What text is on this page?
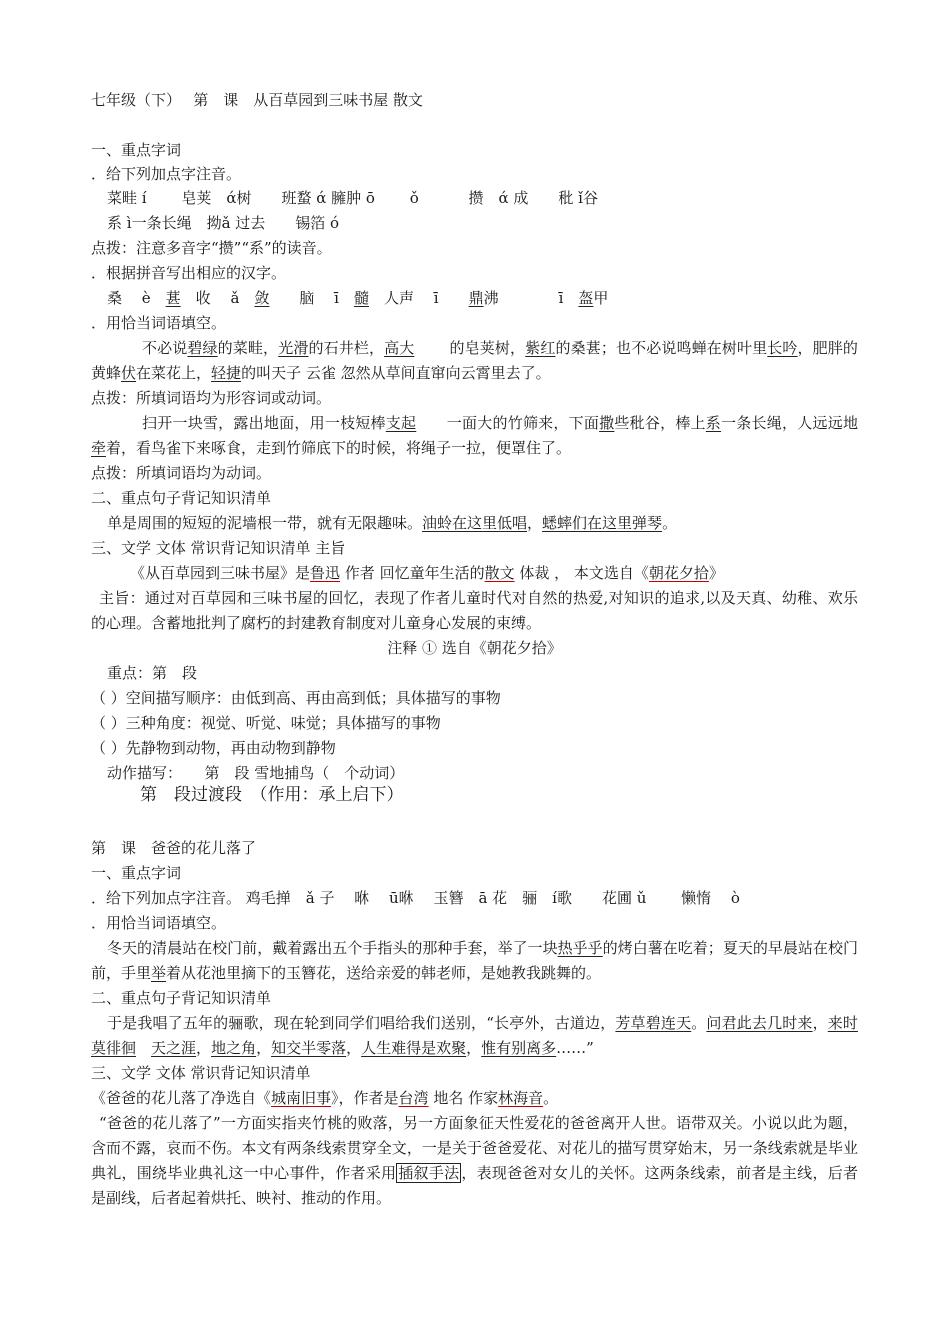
七年级（下）　 第　课　从百草园到三味书屋 散文
一、重点字词
．给下列加点字注音。
菜畦 í　　 皂荚　ά树　　班蝥 ά 臃肿 ō　　 ǒ　　　 攒　ά 成　　秕 ǐ谷
系 ì一条长绳　拗ǎ 过去　　锡箔 ó
点拨：注意多音字“攒”“系”的读音。
．根据拼音写出相应的汉字。
桑　 è　葚　收　 ǎ　敛　　脑　 ī　髓　人声　 ī　　鼎沸　　　　ī　盔甲
．用恰当词语填空。
不必说碧绿的菜畦，光滑的石井栏，高大　　 的皂荚树，紫红的桑葚；也不必说鸣蝉在树叶里长吟，肥胖的黄蜂伏在菜花上，轻捷的叫天子 云雀 忽然从草间直窜向云霄里去了。
点拨：所填词语均为形容词或动词。
扫开一块雪，露出地面，用一枝短棒支起　　一面大的竹筛来，下面撒些秕谷，棒上系一条长绳，人远远地牵着，看鸟雀下来啄食，走到竹筛底下的时候，将绳子一拉，便罩住了。
点拨：所填词语均为动词。
二、重点句子背记知识清单
单是周围的短短的泥墙根一带，就有无限趣味。油蛉在这里低唱，蟋蟀们在这里弹琴。
三、文学 文体 常识背记知识清单 主旨
《从百草园到三味书屋》是鲁迅 作者 回忆童年生活的散文 体裁 ， 本文选自《朝花夕拾》
主旨：通过对百草园和三味书屋的回忆，表现了作者儿童时代对自然的热爱,对知识的追求,以及天真、幼稚、欢乐的心理。含蓄地批判了腐朽的封建教育制度对儿童身心发展的束缚。
注释 ① 选自《朝花夕拾》
重点：第　段
（ ）空间描写顺序：由低到高、再由高到低；具体描写的事物
（ ）三种角度：视觉、听觉、味觉；具体描写的事物
（ ）先静物到动物，再由动物到静物
动作描写：　　第　段 雪地捕鸟（　个动词）
第　段过渡段　（作用：承上启下）
第　课　爸爸的花儿落了
一、重点字词
．给下列加点字注音。 鸡毛掸　ǎ 子　 咻　 ū咻　 玉簪　ā 花　骊　í歌　　花圃 ǔ　　 懒惰　 ò
．用恰当词语填空。
冬天的清晨站在校门前，戴着露出五个手指头的那种手套，举了一块热乎乎的烤白薯在吃着；夏天的早晨站在校门前，手里举着从花池里摘下的玉簪花，送给亲爱的韩老师，是她教我跳舞的。
二、重点句子背记知识清单
于是我唱了五年的骊歌，现在轮到同学们唱给我们送别，“长亭外，古道边，芳草碧连天。问君此去几时来，来时莫徘徊　 天之涯，地之角，知交半零落，人生难得是欢聚，惟有别离多……”
三、文学 文体 常识背记知识清单
《爸爸的花儿落了净选自《城南旧事》，作者是台湾 地名 作家林海音。
“爸爸的花儿落了”一方面实指夹竹桃的败落，另一方面象征天性爱花的爸爸离开人世。语带双关。小说以此为题，含而不露，哀而不伤。本文有两条线索贯穿全文，一是关于爸爸爱花、对花儿的描写贯穿始末，另一条线索就是毕业典礼，围绕毕业典礼这一中心事件，作者采用 插叙手法 ，表现爸爸对女儿的关怀。这两条线索，前者是主线，后者是副线，后者起着烘托、映衬、推动的作用。
